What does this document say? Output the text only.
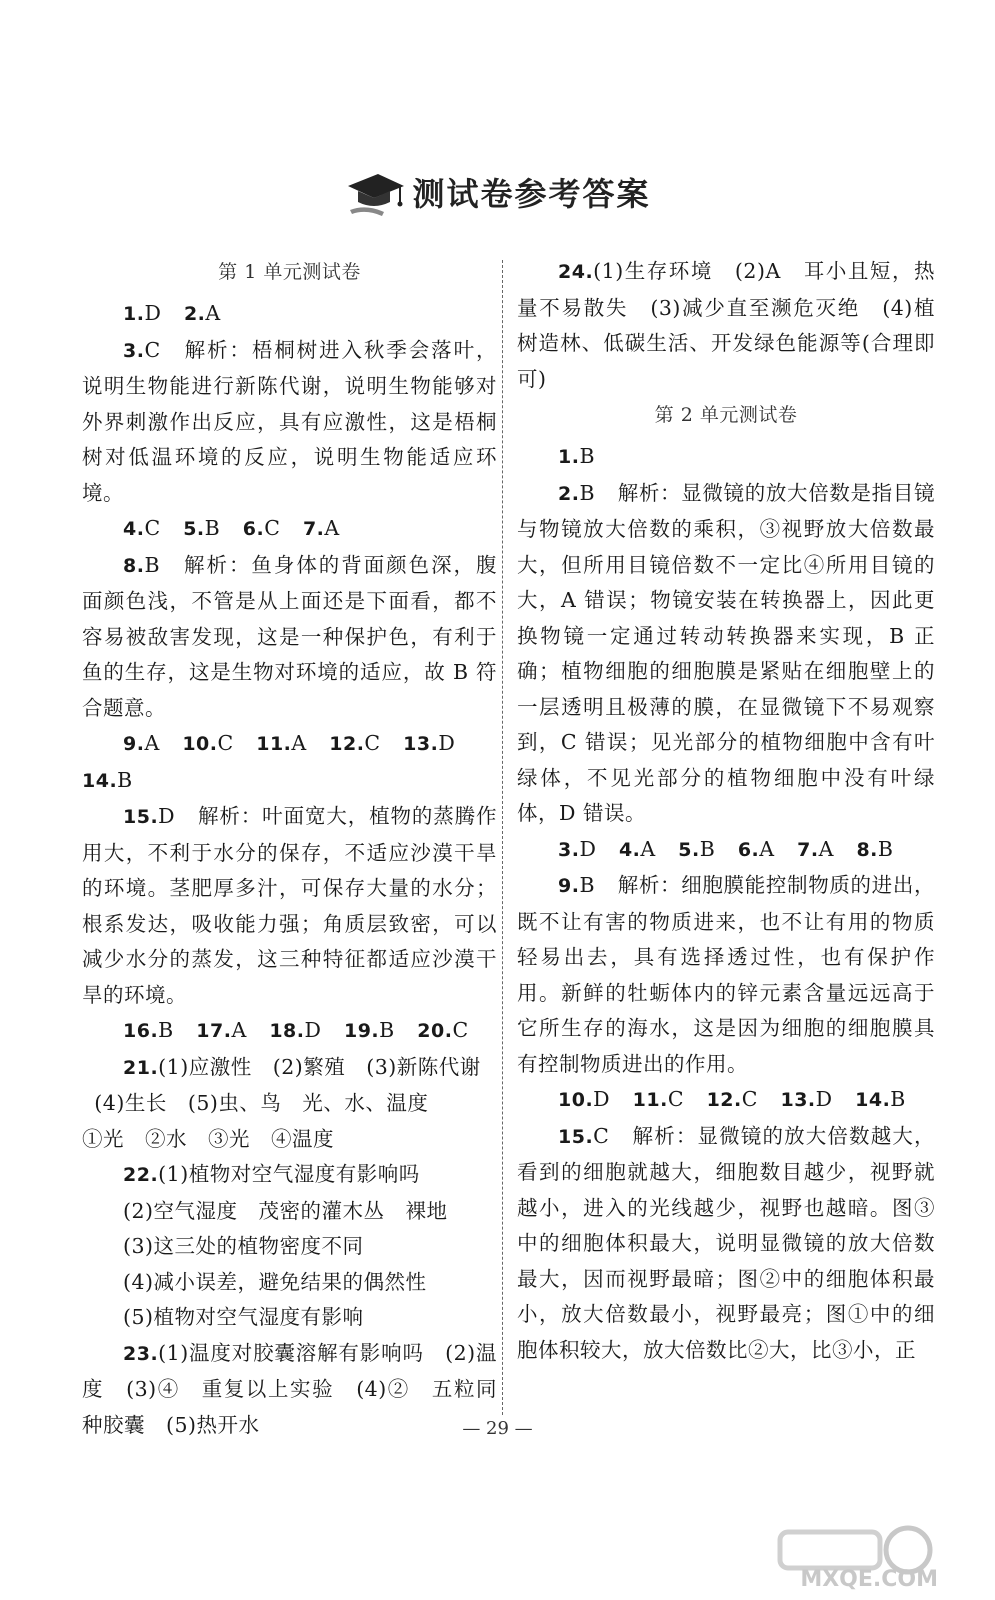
测试卷参考答案
第 1 单元测试卷

1.D 2.A

3.C 解析：梧桐树进入秋季会落叶，说明生物能进行新陈代谢，说明生物能够对外界刺激作出反应，具有应激性，这是梧桐树对低温环境的反应，说明生物能适应环境。

4.C 5.B 6.C 7.A

8.B 解析：鱼身体的背面颜色深，腹面颜色浅，不管是从上面还是下面看，都不容易被敌害发现，这是一种保护色，有利于鱼的生存，这是生物对环境的适应，故 B 符合题意。

9.A 10.C 11.A 12.C 13.D14.B

15.D 解析：叶面宽大，植物的蒸腾作用大，不利于水分的保存，不适应沙漠干旱的环境。茎肥厚多汁，可保存大量的水分；根系发达，吸收能力强；角质层致密，可以减少水分的蒸发，这三种特征都适应沙漠干旱的环境。

16.B 17.A 18.D 19.B 20.C

21.(1)应激性　(2)繁殖　(3)新陈代谢

(4)生长　(5)虫、鸟　光、水、温度

①光　②水　③光　④温度

22.(1)植物对空气湿度有影响吗

(2)空气湿度　茂密的灌木丛　裸地

(3)这三处的植物密度不同

(4)减小误差，避免结果的偶然性

(5)植物对空气湿度有影响

23.(1)温度对胶囊溶解有影响吗　(2)温度　(3)④　重复以上实验　(4)②　五粒同种胶囊　(5)热开水

24.(1)生存环境　(2)A　耳小且短，热量不易散失　(3)减少直至濒危灭绝　(4)植树造林、低碳生活、开发绿色能源等(合理即可)

第 2 单元测试卷

1.B

2.B 解析：显微镜的放大倍数是指目镜与物镜放大倍数的乘积，③视野放大倍数最大，但所用目镜倍数不一定比④所用目镜的大，A 错误；物镜安装在转换器上，因此更换物镜一定通过转动转换器来实现，B 正确；植物细胞的细胞膜是紧贴在细胞壁上的一层透明且极薄的膜，在显微镜下不易观察到，C 错误；见光部分的植物细胞中含有叶绿体，不见光部分的植物细胞中没有叶绿体，D 错误。

3.D 4.A 5.B 6.A 7.A 8.B

9.B 解析：细胞膜能控制物质的进出，既不让有害的物质进来，也不让有用的物质轻易出去，具有选择透过性，也有保护作用。新鲜的牡蛎体内的锌元素含量远远高于它所生存的海水，这是因为细胞的细胞膜具有控制物质进出的作用。

10.D 11.C 12.C 13.D 14.B

15.C 解析：显微镜的放大倍数越大，看到的细胞就越大，细胞数目越少，视野就越小，进入的光线越少，视野也越暗。图③中的细胞体积最大，说明显微镜的放大倍数最大，因而视野最暗；图②中的细胞体积最小，放大倍数最小，视野最亮；图①中的细胞体积较大，放大倍数比②大，比③小，正

— 29 —
MXQE.COM
